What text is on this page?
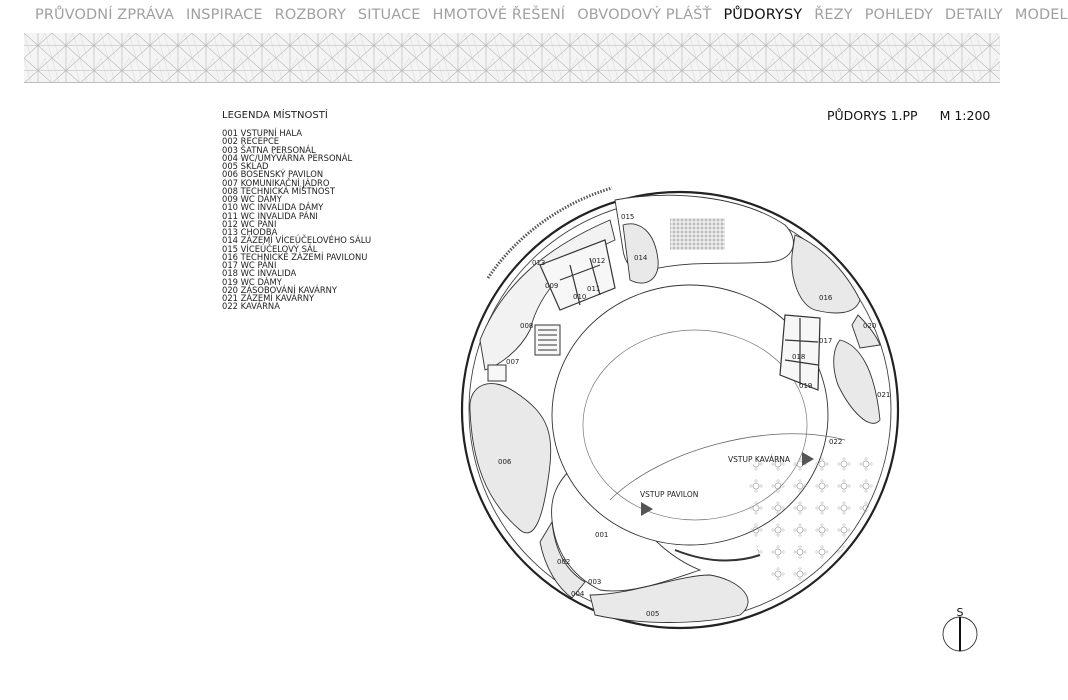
PRŮVODNÍ ZPRÁVA INSPIRACE ROZBORY SITUACE HMOTOVÉ ŘEŠENÍ OBVODOVÝ PLÁŠŤ PŮDORYSY ŘEZY POHLEDY DETAILY MODEL
LEGENDA MÍSTNOSTÍ
001 VSTUPNÍ HALA
002 RECEPCE
003 ŠATNA PERSONÁL
004 WC/UMÝVÁRNA PERSONÁL
005 SKLAD
006 BOSENSKÝ PAVILON
007 KOMUNIKAČNÍ JÁDRO
008 TECHNICKÁ MÍSTNOST
009 WC DÁMY
010 WC INVALIDA DÁMY
011 WC INVALIDA PÁNI
012 WC PÁNI
013 CHODBA
014 ZÁZEMÍ VÍCEÚČELOVÉHO SÁLU
015 VÍCEÚČELOVÝ SÁL
016 TECHNICKÉ ZÁZEMÍ PAVILONU
017 WC PÁNI
018 WC INVALIDA
019 WC DÁMY
020 ZÁSOBOVÁNÍ KAVÁRNY
021 ZÁZEMÍ KAVÁRNY
022 KAVÁRNA
PŮDORYS 1.PP M 1:200
001
002
003
004
005
006
007
008
009
010
011
012
013
014
015
016
017
018
019
020
021
022
VSTUP KAVÁRNA
VSTUP PAVILON
S
